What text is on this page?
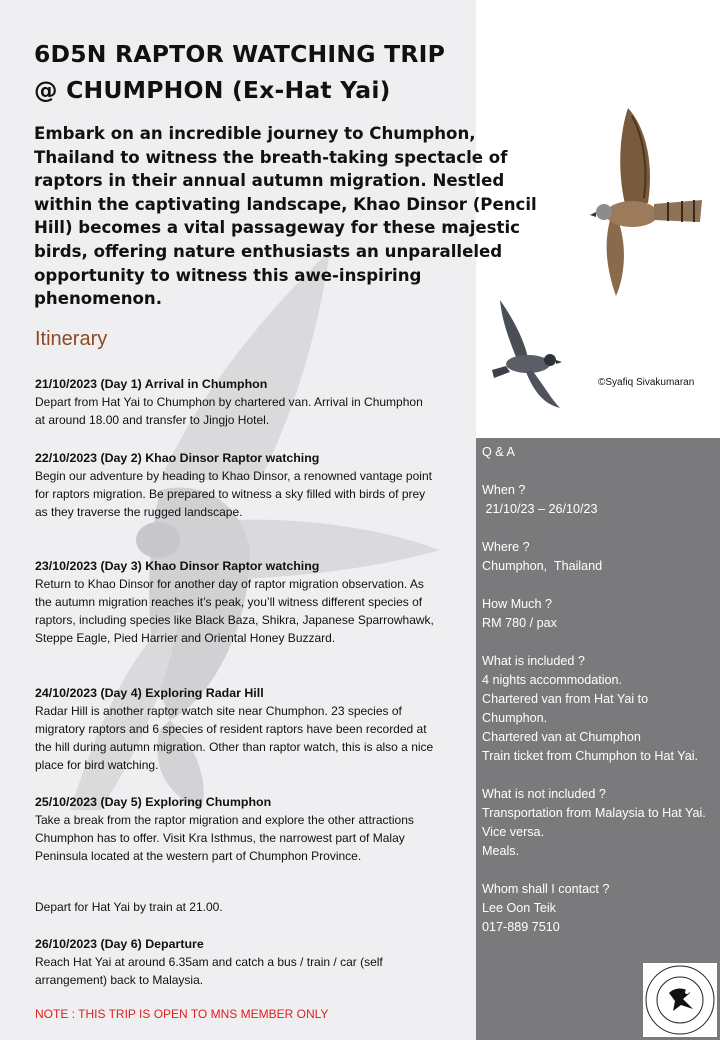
6D5N RAPTOR WATCHING TRIP
@ CHUMPHON (Ex-Hat Yai)
Itinerary
21/10/2023 (Day 1) Arrival in Chumphon
Depart from Hat Yai to Chumphon by chartered van. Arrival in Chumphon at around 18.00 and transfer to Jingjo Hotel.
22/10/2023 (Day 2) Khao Dinsor Raptor watching
Begin our adventure by heading to Khao Dinsor, a renowned vantage point for raptors migration. Be prepared to witness a sky filled with birds of prey as they traverse the rugged landscape.
23/10/2023 (Day 3) Khao Dinsor Raptor watching
Return to Khao Dinsor for another day of raptor migration observation. As the autumn migration reaches it’s peak, you’ll witness different species of raptors, including species like Black Baza, Shikra, Japanese Sparrowhawk, Steppe Eagle, Pied Harrier and Oriental Honey Buzzard.
24/10/2023 (Day 4) Exploring Radar Hill
Radar Hill is another raptor watch site near Chumphon. 23 species of migratory raptors and 6 species of resident raptors have been recorded at the hill during autumn migration. Other than raptor watch, this is also a nice place for bird watching.
25/10/2023 (Day 5) Exploring Chumphon
Take a break from the raptor migration and explore the other attractions Chumphon has to offer. Visit Kra Isthmus, the narrowest part of Malay Peninsula located at the western part of Chumphon Province.
Depart for Hat Yai by train at 21.00.
26/10/2023 (Day 6) Departure
Reach Hat Yai at around 6.35am and catch a bus / train / car (self arrangement) back to Malaysia.
NOTE : THIS TRIP IS OPEN TO MNS MEMBER ONLY

Embark on an incredible journey to Chumphon, Thailand to witness the breath-taking spectacle of raptors in their annual autumn migration. Nestled within the captivating landscape, Khao Dinsor (Pencil Hill) becomes a vital passageway for these majestic birds, offering nature enthusiasts an unparalleled opportunity to witness this awe-inspiring phenomenon.

©Syafiq Sivakumaran

Q & A

When ?

21/10/23 – 26/10/23

Where ?

Chumphon,  Thailand

How Much ?

RM 780 / pax

What is included ?

4 nights accommodation.

Chartered van from Hat Yai to Chumphon.

Chartered van at Chumphon

Train ticket from Chumphon to Hat Yai.

What is not included ?

Transportation from Malaysia to Hat Yai. Vice versa.

Meals.

Whom shall I contact ?

Lee Oon Teik

017-889 7510
